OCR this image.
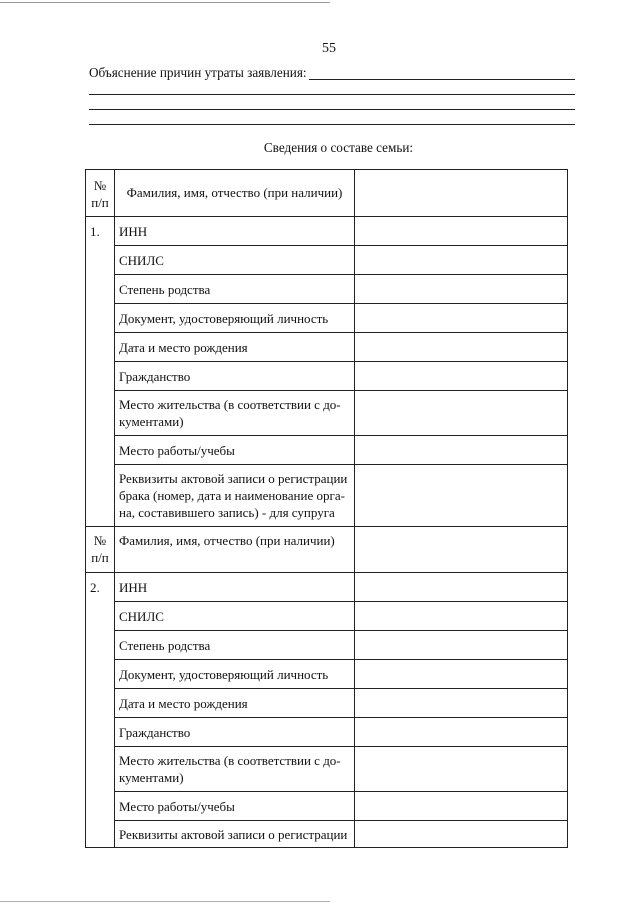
55
Объяснение причин утраты заявления:
Сведения о составе семьи:
№
п/п	Фамилия, имя, отчество (при наличии)	

1.	ИНН	
	СНИЛС	
	Степень родства	
	Документ, удостоверяющий личность	
	Дата и место рождения	
	Гражданство	
	Место жительства (в соответствии с до-кументами)	
	Место работы/учебы	
	Реквизиты актовой записи о регистрации брака (номер, дата и наименование орга-на, составившего запись) - для супруга	

№
п/п	Фамилия, имя, отчество (при наличии)	
2.	ИНН	
	СНИЛС	
	Степень родства	
	Документ, удостоверяющий личность	
	Дата и место рождения	
	Гражданство	
	Место жительства (в соответствии с до-кументами)	
	Место работы/учебы	
	Реквизиты актовой записи о регистрации	
